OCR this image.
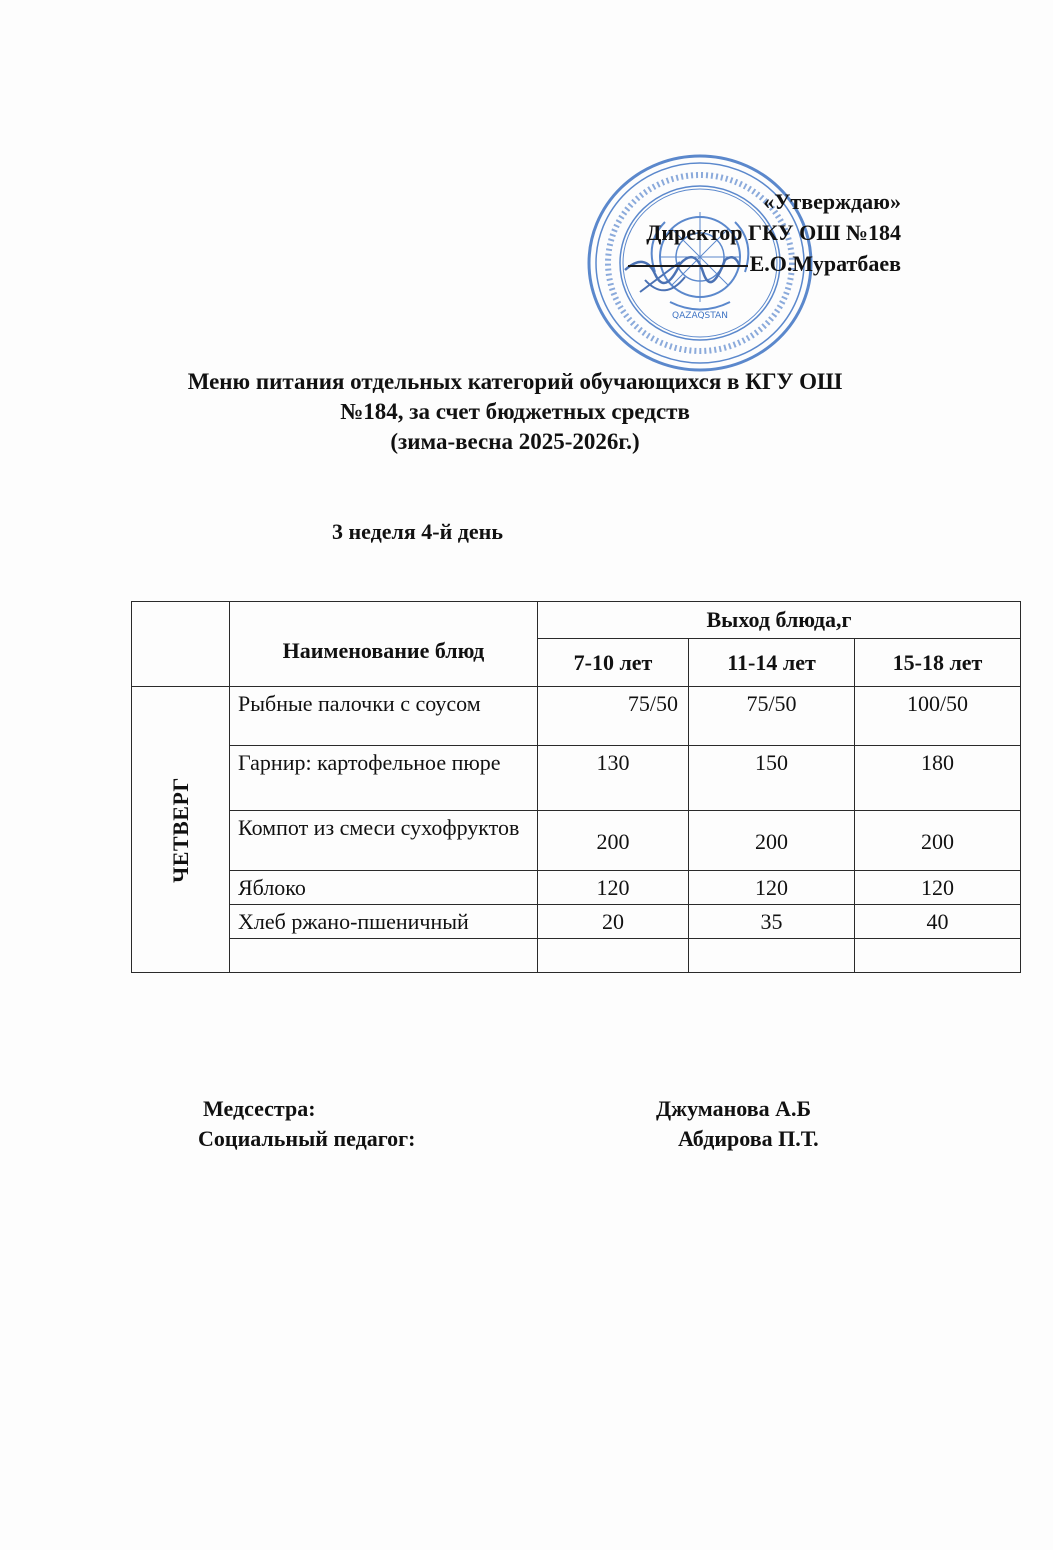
QAZAQSTAN
«Утверждаю»
Директор ГКУ ОШ №184
Е.О.Муратбаев
Меню питания отдельных категорий обучающихся в КГУ ОШ
№184, за счет бюджетных средств
(зима-весна 2025-2026г.)
3 неделя 4-й день
	Наименование блюд	Выход блюда,г		
		7-10 лет	11-14 лет	15-18 лет

ЧЕТВЕРГ	Рыбные палочки с соусом	75/50	75/50	100/50
	Гарнир: картофельное пюре	130	150	180
	Компот из смеси сухофруктов	200	200	200
	Яблоко	120	120	120
	Хлеб ржано-пшеничный	20	35	40

Медсестра:	Джуманова А.Б
Социальный педагог:	Абдирова П.Т.
